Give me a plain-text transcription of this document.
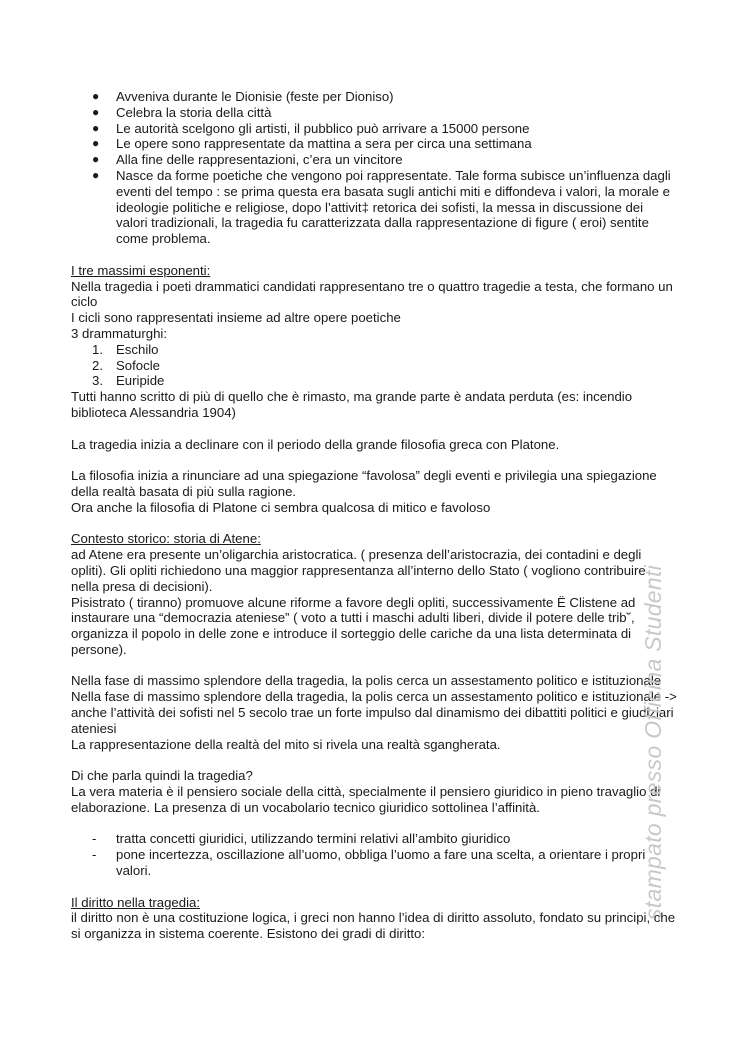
● Avveniva durante le Dionisie (feste per Dioniso)
● Celebra la storia della città
● Le autorità scelgono gli artisti, il pubblico può arrivare a 15000 persone
● Le opere sono rappresentate da mattina a sera per circa una settimana
● Alla fine delle rappresentazioni, c’era un vincitore
● Nasce da forme poetiche che vengono poi rappresentate. Tale forma subisce un’influenza dagli eventi del tempo : se prima questa era basata sugli antichi miti e diffondeva i valori, la morale e ideologie politiche e religiose, dopo l’attivit‡ retorica dei sofisti, la messa in discussione dei valori tradizionali, la tragedia fu caratterizzata dalla rappresentazione di figure ( eroi) sentite come problema.

I tre massimi esponenti:

Nella tragedia i poeti drammatici candidati rappresentano tre o quattro tragedie a testa, che formano un ciclo

I cicli sono rappresentati insieme ad altre opere poetiche

3 drammaturghi:

1. Eschilo
2. Sofocle
3. Euripide

Tutti hanno scritto di più di quello che è rimasto, ma grande parte è andata perduta (es: incendio biblioteca Alessandria 1904)

La tragedia inizia a declinare con il periodo della grande filosofia greca con Platone.

La filosofia inizia a rinunciare ad una spiegazione “favolosa” degli eventi e privilegia una spiegazione della realtà basata di più sulla ragione.

Ora anche la filosofia di Platone ci sembra qualcosa di mitico e favoloso

Contesto storico: storia di Atene:

ad Atene era presente un’oligarchia aristocratica. ( presenza dell’aristocrazia, dei contadini e degli opliti). Gli opliti richiedono una maggior rappresentanza all’interno dello Stato ( vogliono contribuire nella presa di decisioni).

Pisistrato ( tiranno) promuove alcune riforme a favore degli opliti, successivamente Ë Clistene ad instaurare una “democrazia ateniese” ( voto a tutti i maschi adulti liberi, divide il potere delle trib˘, organizza il popolo in delle zone e introduce il sorteggio delle cariche da una lista determinata di persone).

Nella fase di massimo splendore della tragedia, la polis cerca un assestamento politico e istituzionale

Nella fase di massimo splendore della tragedia, la polis cerca un assestamento politico e istituzionale -> anche l’attività dei sofisti nel 5 secolo trae un forte impulso dal dinamismo dei dibattiti politici e giudiziari ateniesi

La rappresentazione della realtà del mito si rivela una realtà sgangherata.

Di che parla quindi la tragedia?

La vera materia è il pensiero sociale della città, specialmente il pensiero giuridico in pieno travaglio di elaborazione. La presenza di un vocabolario tecnico giuridico sottolinea l’affinità.

- tratta concetti giuridici, utilizzando termini relativi all’ambito giuridico
- pone incertezza, oscillazione all’uomo, obbliga l’uomo a fare una scelta, a orientare i propri valori.

Il diritto nella tragedia:

il diritto non è una costituzione logica, i greci non hanno l’idea di diritto assoluto, fondato su principi, che si organizza in sistema coerente. Esistono dei gradi di diritto:

stampato presso Officina Studenti
